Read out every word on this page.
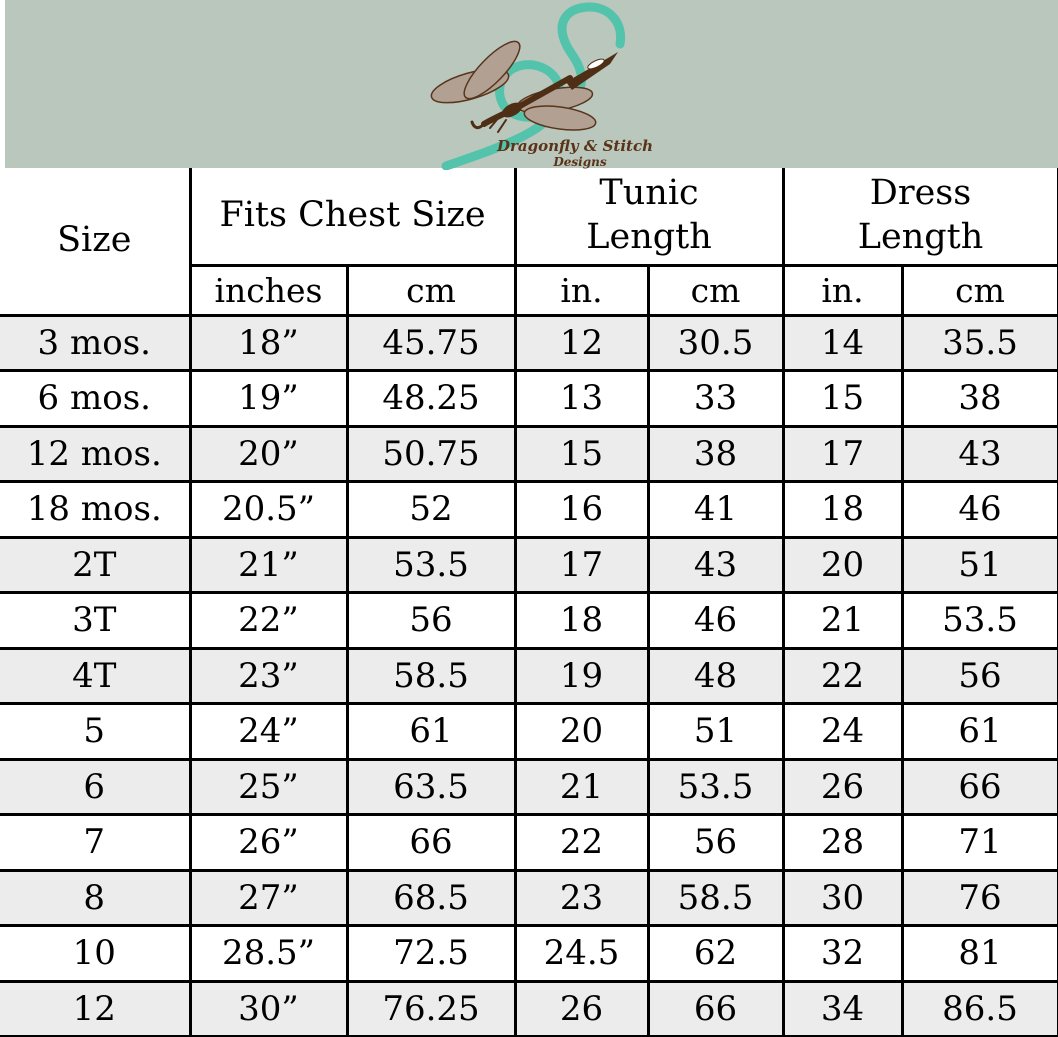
Dragonfly & Stitch
Designs
Size	Fits Chest Size		Tunic Length		Dress Length	
	inches	cm	in.	cm	in.	cm
3 mos.	18”	45.75	12	30.5	14	35.5
6 mos.	19”	48.25	13	33	15	38
12 mos.	20”	50.75	15	38	17	43
18 mos.	20.5”	52	16	41	18	46
2T	21”	53.5	17	43	20	51
3T	22”	56	18	46	21	53.5
4T	23”	58.5	19	48	22	56
5	24”	61	20	51	24	61
6	25”	63.5	21	53.5	26	66
7	26”	66	22	56	28	71
8	27”	68.5	23	58.5	30	76
10	28.5”	72.5	24.5	62	32	81
12	30”	76.25	26	66	34	86.5
